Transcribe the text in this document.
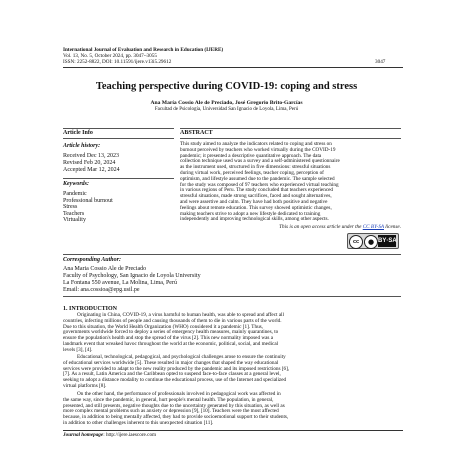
International Journal of Evaluation and Research in Education (IJERE)
Vol. 13, No. 5, October 2024, pp. 3047~3055
ISSN: 2252-8822, DOI: 10.11591/ijere.v13i5.29612	3047
Teaching perspective during COVID-19: coping and stress
Ana María Cossio Ale de Preciado, José Gregorio Brito-Garcías
Facultad de Psicología, Universidad San Ignacio de Loyola, Lima, Perú
Article Info	ABSTRACT
Article history:
Received Dec 13, 2023
Revised Feb 20, 2024
Accepted Mar 12, 2024
Keywords:
Pandemic
Professional burnout
Stress
Teachers
Virtuality
This study aimed to analyze the indicators related to coping and stress on
burnout perceived by teachers who worked virtually during the COVID-19
pandemic; it presented a descriptive quantitative approach. The data
collection technique used was a survey and a self-administered questionnaire
as the instrument used, structured in five dimensions: stressful situations
during virtual work, perceived feelings, teacher coping, perception of
optimism, and lifestyle assumed due to the pandemic. The sample selected
for the study was composed of 97 teachers who experienced virtual teaching
in various regions of Peru. The study concluded that teachers experienced
stressful situations, made strong sacrifices, faced and sought alternatives,
and were assertive and calm. They have had both positive and negative
feelings about remote education. This survey showed optimistic changes,
making teachers strive to adopt a new lifestyle dedicated to training
independently and improving technological skills, among other aspects.
This is an open access article under the CC BY-SA license.
cc	● BY·SA
Corresponding Author:
Ana Maria Cossio Ale de Preciado
Faculty of Psychology, San Ignacio de Loyola University
La Fontana 550 avenue, La Molina, Lima, Perú
Email: ana.cossioa@epg.usil.pe
1. INTRODUCTION
Originating in China, COVID-19, a virus harmful to human health, was able to spread and affect all
countries, infecting millions of people and causing thousands of them to die in various parts of the world.
Due to this situation, the World Health Organization (WHO) considered it a pandemic [1]. Thus,
governments worldwide forced to deploy a series of emergency health measures, mainly quarantines, to
ensure the population's health and stop the spread of the virus [2]. This new normality imposed was a
landmark event that wreaked havoc throughout the world at the economic, political, social, and medical
levels [3], [4].
Educational, technological, pedagogical, and psychological challenges arose to ensure the continuity
of educational services worldwide [5]. These resulted in major changes that shaped the way educational
services were provided to adapt to the new reality produced by the pandemic and its imposed restrictions [6],
[7]. As a result, Latin America and the Caribbean opted to suspend face-to-face classes at a general level,
seeking to adopt a distance modality to continue the educational process, use of the Internet and specialized
virtual platforms [8].
On the other hand, the performance of professionals involved in pedagogical work was affected in
the same way, since the pandemic, in general, hurt people's mental health. The population, in general,
presented, and still presents, negative thoughts due to the uncertainty generated by this situation, as well as
more complex mental problems such as anxiety or depression [9], [10]. Teachers were the most affected
because, in addition to being mentally affected, they had to provide socioemotional support to their students,
in addition to other challenges inherent to this unexpected situation [11].
Journal homepage: http://ijere.iaescore.com
